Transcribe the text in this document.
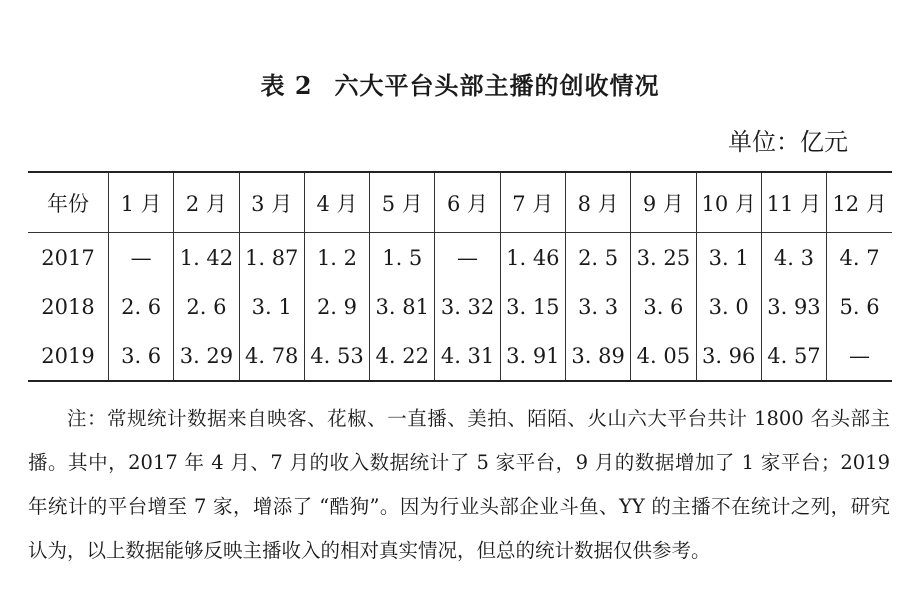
表 2 六大平台头部主播的创收情况
单位：亿元
年份	1 月	2 月	3 月	4 月	5 月	6 月	7 月	8 月	9 月	10 月	11 月	12 月
2017	—	1. 42	1. 87	1. 2	1. 5	—	1. 46	2. 5	3. 25	3. 1	4. 3	4. 7
2018	2. 6	2. 6	3. 1	2. 9	3. 81	3. 32	3. 15	3. 3	3. 6	3. 0	3. 93	5. 6
2019	3. 6	3. 29	4. 78	4. 53	4. 22	4. 31	3. 91	3. 89	4. 05	3. 96	4. 57	—

注：常规统计数据来自映客、花椒、一直播、美拍、陌陌、火山六大平台共计 1800 名头部主播。其中，2017 年 4 月、7 月的收入数据统计了 5 家平台，9 月的数据增加了 1 家平台；2019 年统计的平台增至 7 家，增添了 “酷狗”。因为行业头部企业斗鱼、YY 的主播不在统计之列，研究认为，以上数据能够反映主播收入的相对真实情况，但总的统计数据仅供参考。
